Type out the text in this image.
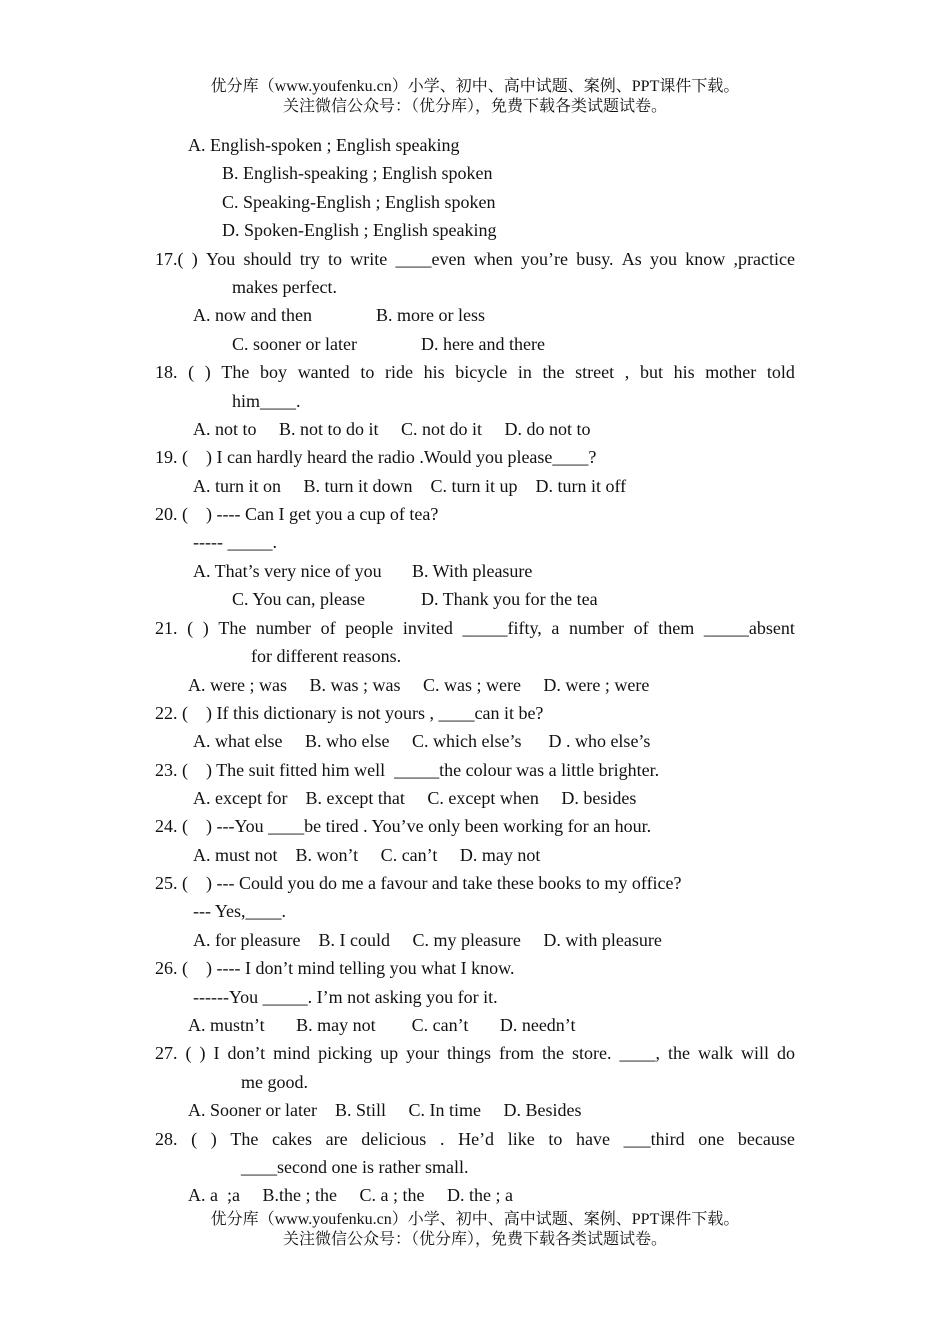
优分库（www.youfenku.cn）小学、初中、高中试题、案例、PPT课件下载。
关注微信公众号：（优分库），免费下载各类试题试卷。
A. English-spoken ; English speaking
B. English-speaking ; English spoken
C. Speaking-English ; English spoken
D. Spoken-English ; English speaking
17.( ) You should try to write ____even when you’re busy. As you know ,practice
makes perfect.
A. now and then	B. more or less
C. sooner or later	D. here and there
18. ( ) The boy wanted to ride his bicycle in the street , but his mother told
him____.
A. not to     B. not to do it     C. not do it     D. do not to
19. (    ) I can hardly heard the radio .Would you please____?
A. turn it on     B. turn it down    C. turn it up    D. turn it off
20. (    ) ---- Can I get you a cup of tea?
----- _____.
A. That’s very nice of you B. With pleasure
C. You can, please	D. Thank you for the tea
21. ( ) The number of people invited _____fifty, a number of them _____absent
for different reasons.
A. were ; was     B. was ; was     C. was ; were     D. were ; were
22. (    ) If this dictionary is not yours , ____can it be?
A. what else     B. who else     C. which else’s      D . who else’s
23. (    ) The suit fitted him well  _____the colour was a little brighter.
A. except for    B. except that     C. except when     D. besides
24. (    ) ---You ____be tired . You’ve only been working for an hour.
A. must not    B. won’t     C. can’t     D. may not
25. (    ) --- Could you do me a favour and take these books to my office?
--- Yes,____.
A. for pleasure    B. I could     C. my pleasure     D. with pleasure
26. (    ) ---- I don’t mind telling you what I know.
------You _____. I’m not asking you for it.
A. mustn’t       B. may not        C. can’t       D. needn’t
27. ( ) I don’t mind picking up your things from the store. ____, the walk will do
me good.
A. Sooner or later    B. Still     C. In time     D. Besides
28. ( ) The cakes are delicious . He’d like to have ___third one because
____second one is rather small.
A. a  ;a     B.the ; the     C. a ; the     D. the ; a
优分库（www.youfenku.cn）小学、初中、高中试题、案例、PPT课件下载。
关注微信公众号：（优分库），免费下载各类试题试卷。
